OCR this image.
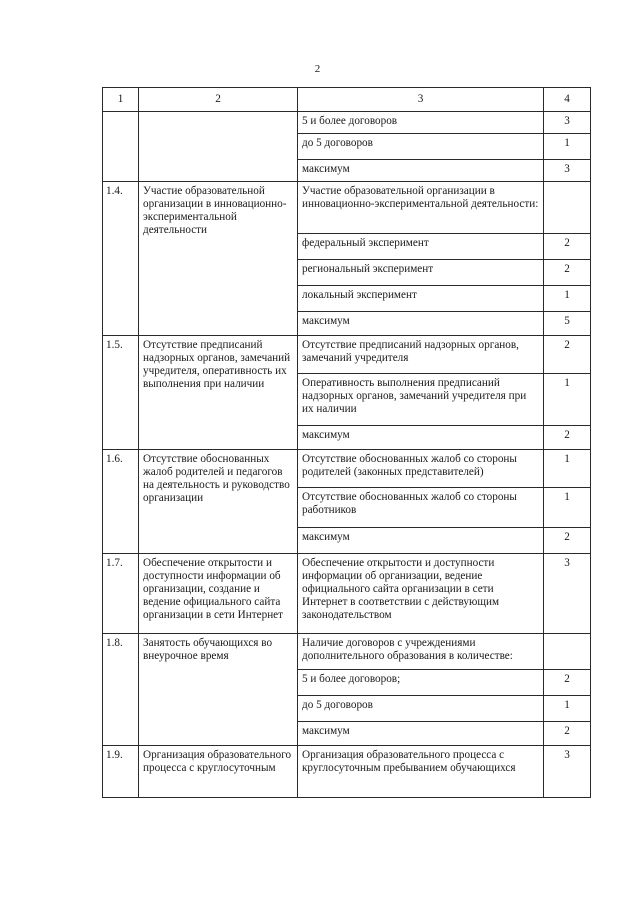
2
1	2	3	4
		5 и более договоров	3
		до 5 договоров	1
		максимум	3
1.4.	Участие образовательной организации в инновационно-экспериментальной деятельности	Участие образовательной организации в инновационно-экспериментальной деятельности:	
		федеральный эксперимент	2
		региональный эксперимент	2
		локальный эксперимент	1
		максимум	5
1.5.	Отсутствие предписаний надзорных органов, замечаний учредителя, оперативность их выполнения при наличии	Отсутствие предписаний надзорных органов, замечаний учредителя	2
		Оперативность выполнения предписаний надзорных органов, замечаний учредителя при их наличии	1
		максимум	2
1.6.	Отсутствие обоснованных жалоб родителей и педагогов на деятельность и руководство организации	Отсутствие обоснованных жалоб со стороны родителей (законных представителей)	1
		Отсутствие обоснованных жалоб со стороны работников	1
		максимум	2
1.7.	Обеспечение открытости и доступности информации об организации, создание и ведение официального сайта организации в сети Интернет	Обеспечение открытости и доступности информации об организации, ведение официального сайта организации в сети Интернет в соответствии с действующим законодательством	3
1.8.	Занятость обучающихся во внеурочное время	Наличие договоров с учреждениями дополнительного образования в количестве:	
		5 и более договоров;	2
		до 5 договоров	1
		максимум	2
1.9.	Организация образовательного процесса с круглосуточным	Организация образовательного процесса с круглосуточным пребыванием обучающихся	3
